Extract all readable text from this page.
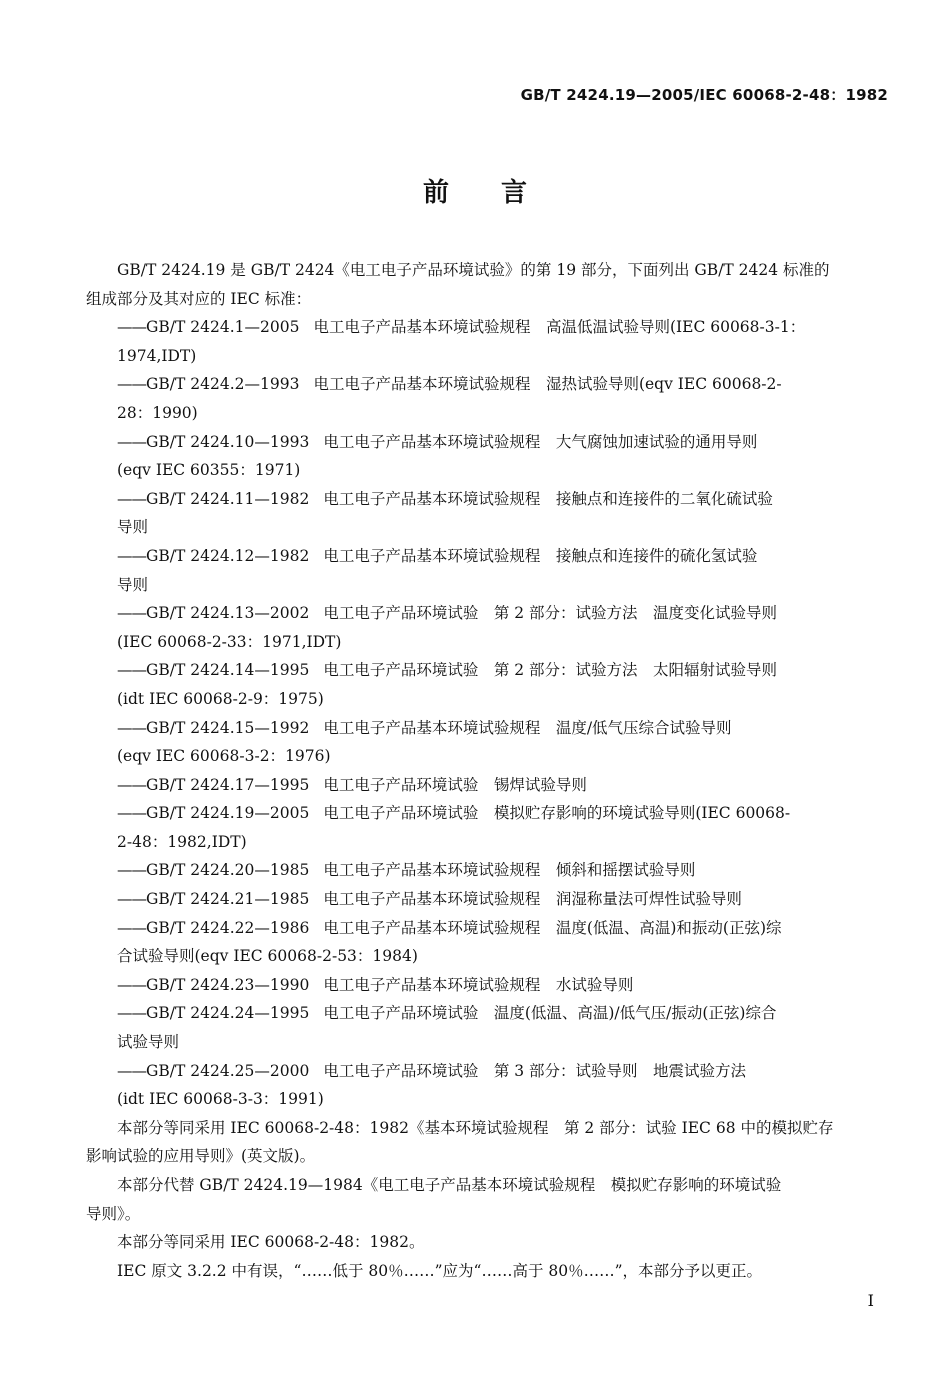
GB/T 2424.19—2005/IEC 60068-2-48：1982
前言

GB/T 2424.19 是 GB/T 2424《电工电子产品环境试验》的第 19 部分，下面列出 GB/T 2424 标准的
组成部分及其对应的 IEC 标准：

——GB/T 2424.1—2005 电工电子产品基本环境试验规程　高温低温试验导则(IEC 60068-3-1：
1974,IDT)
——GB/T 2424.2—1993 电工电子产品基本环境试验规程　湿热试验导则(eqv IEC 60068-2-
28：1990)
——GB/T 2424.10—1993 电工电子产品基本环境试验规程　大气腐蚀加速试验的通用导则
(eqv IEC 60355：1971)
——GB/T 2424.11—1982 电工电子产品基本环境试验规程　接触点和连接件的二氧化硫试验
导则
——GB/T 2424.12—1982 电工电子产品基本环境试验规程　接触点和连接件的硫化氢试验
导则
——GB/T 2424.13—2002 电工电子产品环境试验　第 2 部分：试验方法　温度变化试验导则
(IEC 60068-2-33：1971,IDT)
——GB/T 2424.14—1995 电工电子产品环境试验　第 2 部分：试验方法　太阳辐射试验导则
(idt IEC 60068-2-9：1975)
——GB/T 2424.15—1992 电工电子产品基本环境试验规程　温度/低气压综合试验导则
(eqv IEC 60068-3-2：1976)
——GB/T 2424.17—1995 电工电子产品环境试验　锡焊试验导则
——GB/T 2424.19—2005 电工电子产品环境试验　模拟贮存影响的环境试验导则(IEC 60068-
2-48：1982,IDT)
——GB/T 2424.20—1985 电工电子产品基本环境试验规程　倾斜和摇摆试验导则
——GB/T 2424.21—1985 电工电子产品基本环境试验规程　润湿称量法可焊性试验导则
——GB/T 2424.22—1986 电工电子产品基本环境试验规程　温度(低温、高温)和振动(正弦)综
合试验导则(eqv IEC 60068-2-53：1984)
——GB/T 2424.23—1990 电工电子产品基本环境试验规程　水试验导则
——GB/T 2424.24—1995 电工电子产品环境试验　温度(低温、高温)/低气压/振动(正弦)综合
试验导则
——GB/T 2424.25—2000 电工电子产品环境试验　第 3 部分：试验导则　地震试验方法
(idt IEC 60068-3-3：1991)

本部分等同采用 IEC 60068-2-48：1982《基本环境试验规程　第 2 部分：试验 IEC 68 中的模拟贮存
影响试验的应用导则》(英文版)。

本部分代替 GB/T 2424.19—1984《电工电子产品基本环境试验规程　模拟贮存影响的环境试验
导则》。

本部分等同采用 IEC 60068-2-48：1982。

IEC 原文 3.2.2 中有误，“……低于 80％……”应为“……高于 80％……”，本部分予以更正。

I
